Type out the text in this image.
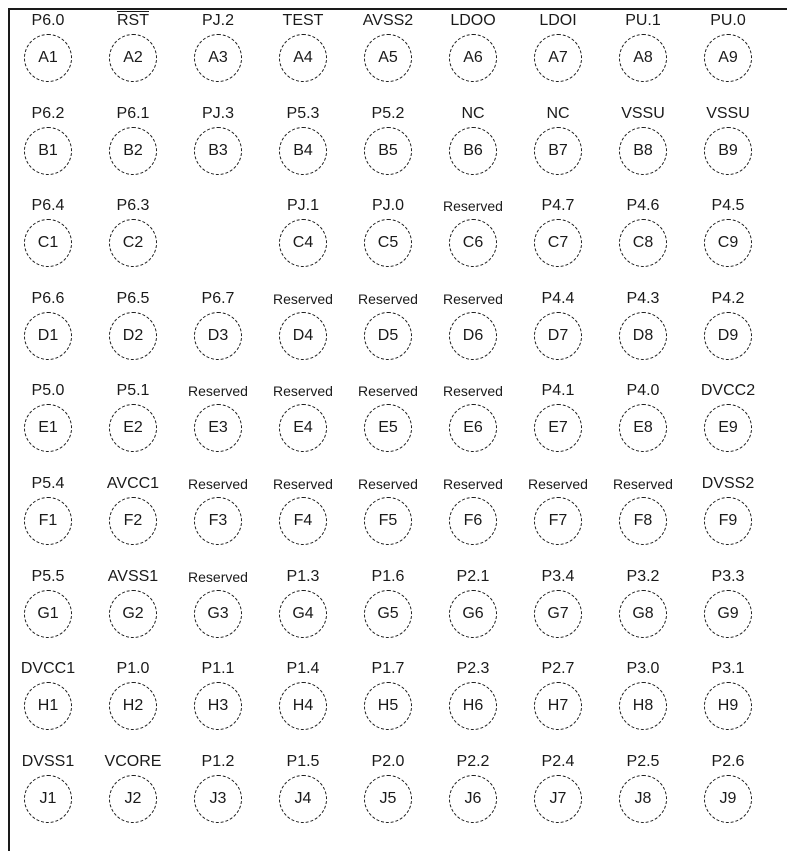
P6.0
A1
$\overline{RST}$
A2
PJ.2
A3
TEST
A4
AVSS2
A5
LDOO
A6
LDOI
A7
PU.1
A8
PU.0
A9
P6.2
B1
P6.1
B2
PJ.3
B3
P5.3
B4
P5.2
B5
NC
B6
NC
B7
VSSU
B8
VSSU
B9
P6.4
C1
P6.3
C2
PJ.1
C4
PJ.0
C5
Reserved
C6
P4.7
C7
P4.6
C8
P4.5
C9
P6.6
D1
P6.5
D2
P6.7
D3
Reserved
D4
Reserved
D5
Reserved
D6
P4.4
D7
P4.3
D8
P4.2
D9
P5.0
E1
P5.1
E2
Reserved
E3
Reserved
E4
Reserved
E5
Reserved
E6
P4.1
E7
P4.0
E8
DVCC2
E9
P5.4
F1
AVCC1
F2
Reserved
F3
Reserved
F4
Reserved
F5
Reserved
F6
Reserved
F7
Reserved
F8
DVSS2
F9
P5.5
G1
AVSS1
G2
Reserved
G3
P1.3
G4
P1.6
G5
P2.1
G6
P3.4
G7
P3.2
G8
P3.3
G9
DVCC1
H1
P1.0
H2
P1.1
H3
P1.4
H4
P1.7
H5
P2.3
H6
P2.7
H7
P3.0
H8
P3.1
H9
DVSS1
J1
VCORE
J2
P1.2
J3
P1.5
J4
P2.0
J5
P2.2
J6
P2.4
J7
P2.5
J8
P2.6
J9
